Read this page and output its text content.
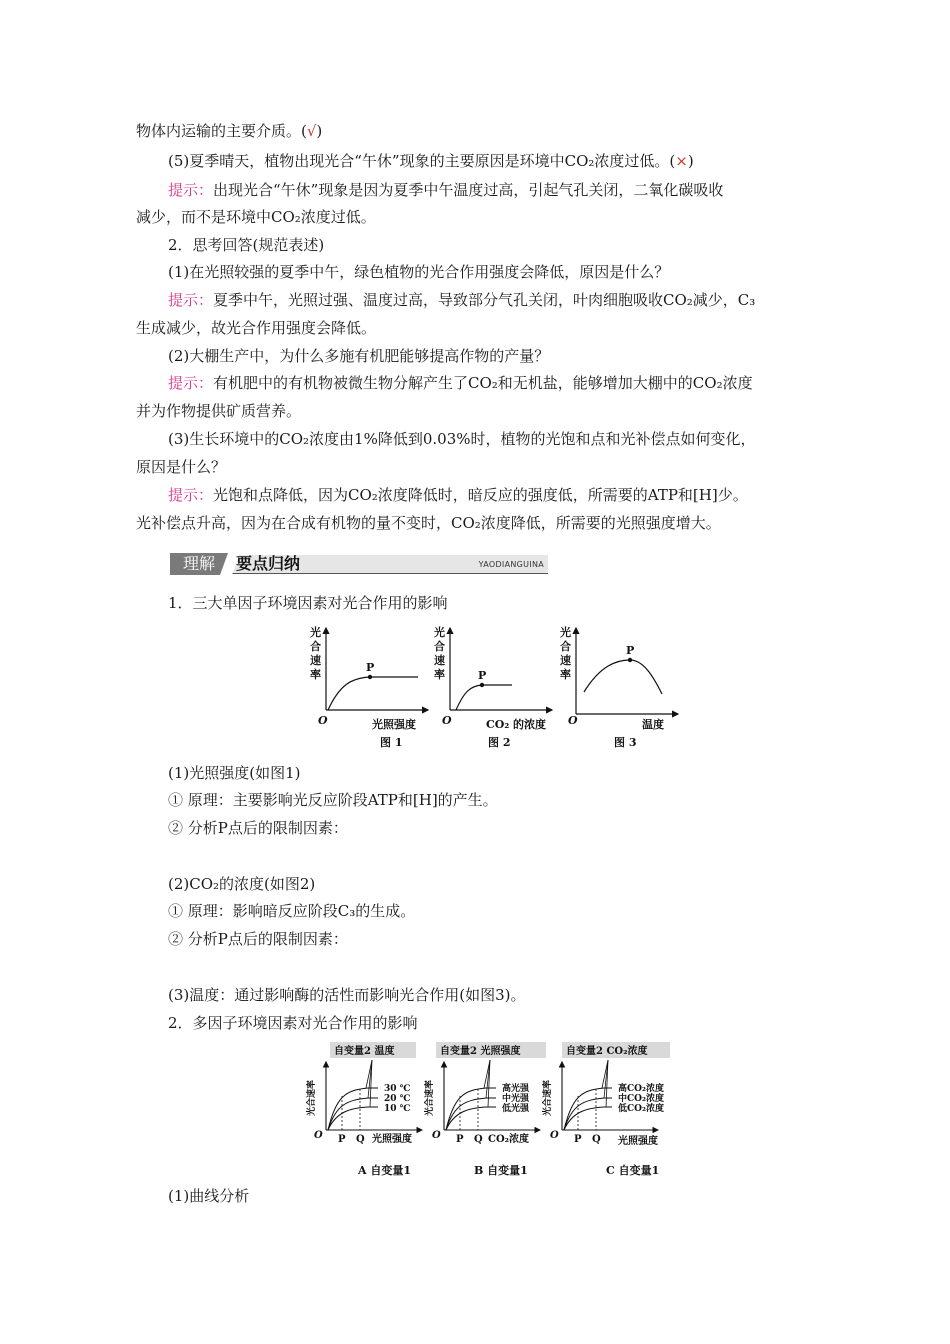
物体内运输的主要介质。(√)
(5)夏季晴天，植物出现光合“午休”现象的主要原因是环境中CO₂浓度过低。(×)
提示：出现光合“午休”现象是因为夏季中午温度过高，引起气孔关闭，二氧化碳吸收
减少，而不是环境中CO₂浓度过低。
2．思考回答(规范表述)
(1)在光照较强的夏季中午，绿色植物的光合作用强度会降低，原因是什么？
提示：夏季中午，光照过强、温度过高，导致部分气孔关闭，叶肉细胞吸收CO₂减少，C₃
生成减少，故光合作用强度会降低。
(2)大棚生产中，为什么多施有机肥能够提高作物的产量？
提示：有机肥中的有机物被微生物分解产生了CO₂和无机盐，能够增加大棚中的CO₂浓度
并为作物提供矿质营养。
(3)生长环境中的CO₂浓度由1%降低到0.03%时，植物的光饱和点和光补偿点如何变化，
原因是什么？
提示：光饱和点降低，因为CO₂浓度降低时，暗反应的强度低，所需要的ATP和[H]少。
光补偿点升高，因为在合成有机物的量不变时，CO₂浓度降低，所需要的光照强度增大。
理解	要点归纳	YAODIANGUINA
1．三大单因子环境因素对光合作用的影响
光
合
速
率
O
P
光照强度
图 1
光
合
速
率
O
P
CO₂ 的浓度
图 2
光
合
速
率
O
P
温度
图 3
(1)光照强度(如图1)
① 原理：主要影响光反应阶段ATP和[H]的产生。
② 分析P点后的限制因素：
(2)CO₂的浓度(如图2)
① 原理：影响暗反应阶段C₃的生成。
② 分析P点后的限制因素：
(3)温度：通过影响酶的活性而影响光合作用(如图3)。
2．多因子环境因素对光合作用的影响
自变量2 温度
光合速率
O
30 ℃
20 ℃
10 ℃
P Q 光照强度
A 自变量1
自变量2 光照强度
光合速率
O
高光强
中光强
低光强
P Q CO₂浓度
B 自变量1
自变量2 CO₂浓度
光合速率
O
高CO₂浓度
中CO₂浓度
低CO₂浓度
P Q 光照强度
C 自变量1
(1)曲线分析
